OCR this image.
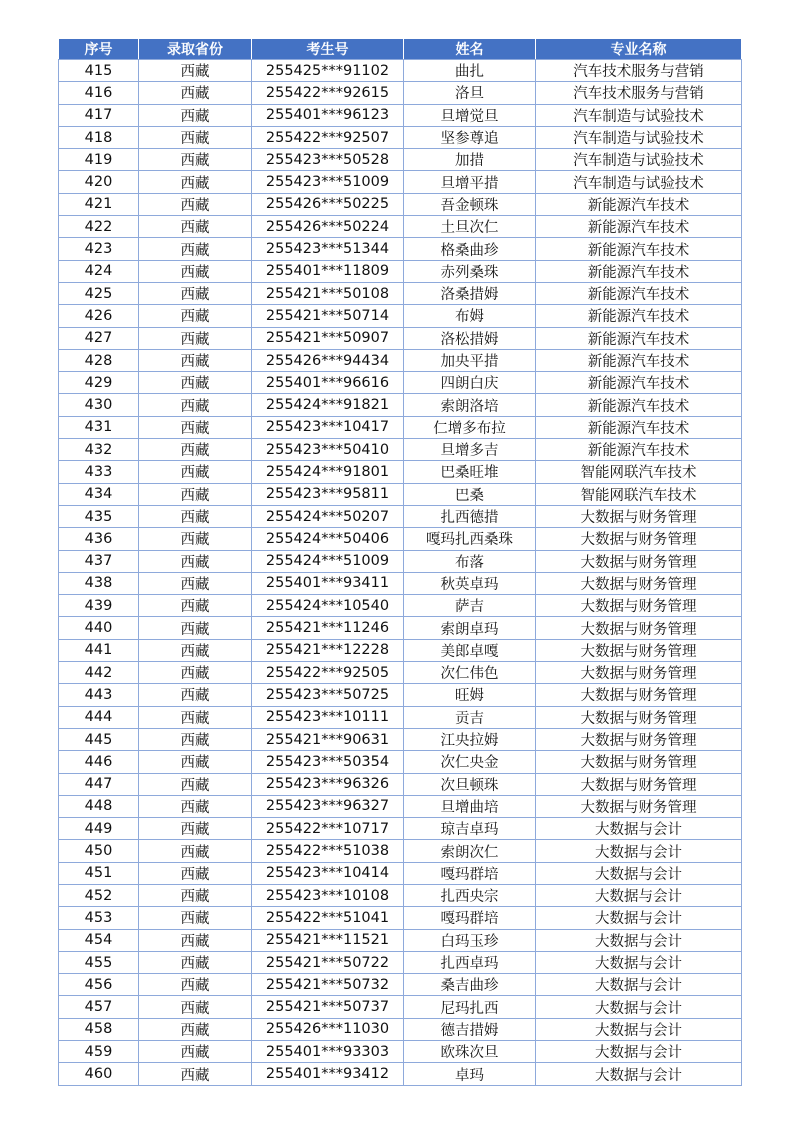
序号	录取省份	考生号	姓名	专业名称
415	西藏	255425***91102	曲扎	汽车技术服务与营销
416	西藏	255422***92615	洛旦	汽车技术服务与营销
417	西藏	255401***96123	旦增觉旦	汽车制造与试验技术
418	西藏	255422***92507	坚参尊追	汽车制造与试验技术
419	西藏	255423***50528	加措	汽车制造与试验技术
420	西藏	255423***51009	旦增平措	汽车制造与试验技术
421	西藏	255426***50225	吾金顿珠	新能源汽车技术
422	西藏	255426***50224	土旦次仁	新能源汽车技术
423	西藏	255423***51344	格桑曲珍	新能源汽车技术
424	西藏	255401***11809	赤列桑珠	新能源汽车技术
425	西藏	255421***50108	洛桑措姆	新能源汽车技术
426	西藏	255421***50714	布姆	新能源汽车技术
427	西藏	255421***50907	洛松措姆	新能源汽车技术
428	西藏	255426***94434	加央平措	新能源汽车技术
429	西藏	255401***96616	四朗白庆	新能源汽车技术
430	西藏	255424***91821	索朗洛培	新能源汽车技术
431	西藏	255423***10417	仁增多布拉	新能源汽车技术
432	西藏	255423***50410	旦增多吉	新能源汽车技术
433	西藏	255424***91801	巴桑旺堆	智能网联汽车技术
434	西藏	255423***95811	巴桑	智能网联汽车技术
435	西藏	255424***50207	扎西德措	大数据与财务管理
436	西藏	255424***50406	嘎玛扎西桑珠	大数据与财务管理
437	西藏	255424***51009	布落	大数据与财务管理
438	西藏	255401***93411	秋英卓玛	大数据与财务管理
439	西藏	255424***10540	萨吉	大数据与财务管理
440	西藏	255421***11246	索朗卓玛	大数据与财务管理
441	西藏	255421***12228	美郎卓嘎	大数据与财务管理
442	西藏	255422***92505	次仁伟色	大数据与财务管理
443	西藏	255423***50725	旺姆	大数据与财务管理
444	西藏	255423***10111	贡吉	大数据与财务管理
445	西藏	255421***90631	江央拉姆	大数据与财务管理
446	西藏	255423***50354	次仁央金	大数据与财务管理
447	西藏	255423***96326	次旦顿珠	大数据与财务管理
448	西藏	255423***96327	旦增曲培	大数据与财务管理
449	西藏	255422***10717	琼吉卓玛	大数据与会计
450	西藏	255422***51038	索朗次仁	大数据与会计
451	西藏	255423***10414	嘎玛群培	大数据与会计
452	西藏	255423***10108	扎西央宗	大数据与会计
453	西藏	255422***51041	嘎玛群培	大数据与会计
454	西藏	255421***11521	白玛玉珍	大数据与会计
455	西藏	255421***50722	扎西卓玛	大数据与会计
456	西藏	255421***50732	桑吉曲珍	大数据与会计
457	西藏	255421***50737	尼玛扎西	大数据与会计
458	西藏	255426***11030	德吉措姆	大数据与会计
459	西藏	255401***93303	欧珠次旦	大数据与会计
460	西藏	255401***93412	卓玛	大数据与会计
